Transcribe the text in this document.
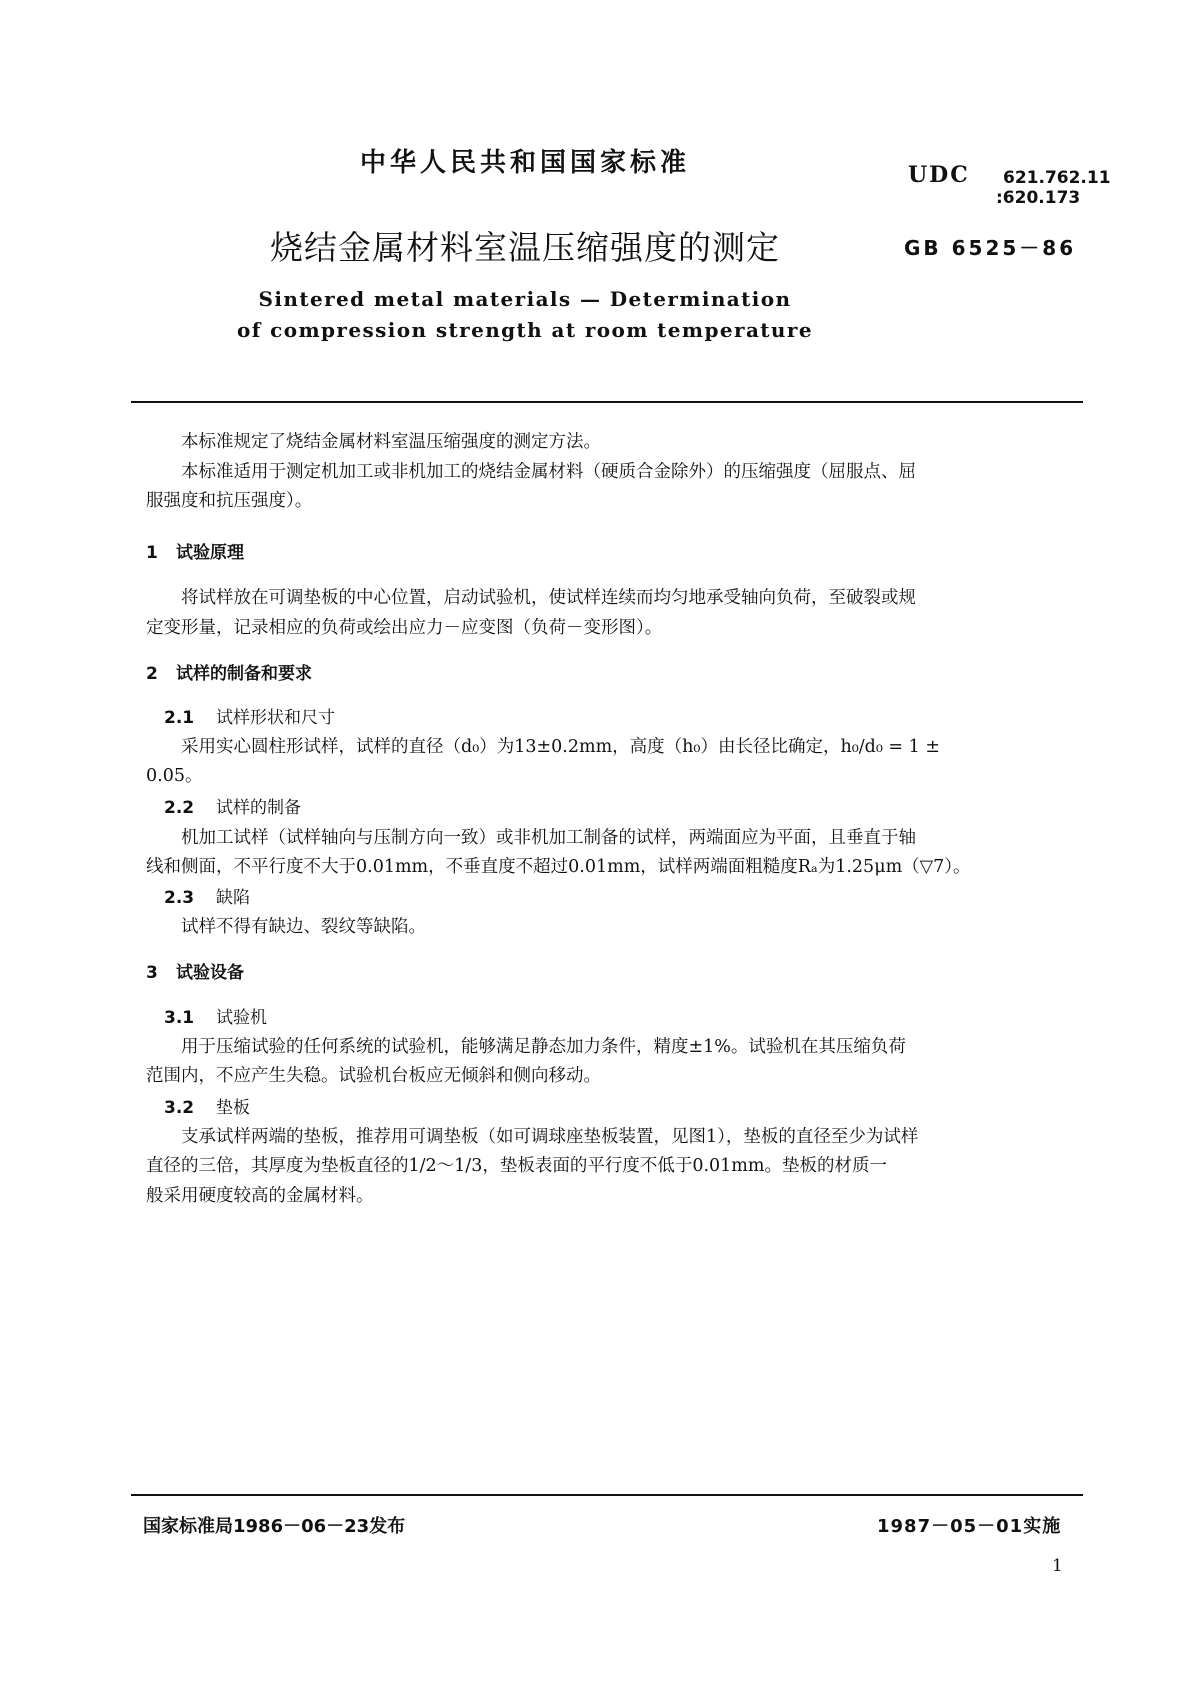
中华人民共和国国家标准	UDC 621.762.11
:620.173
烧结金属材料室温压缩强度的测定	GB 6525－86
Sintered metal materials — Determination
of compression strength at room temperature
本标准规定了烧结金属材料室温压缩强度的测定方法。
本标准适用于测定机加工或非机加工的烧结金属材料（硬质合金除外）的压缩强度（屈服点、屈
服强度和抗压强度）。
1 试验原理
将试样放在可调垫板的中心位置，启动试验机，使试样连续而均匀地承受轴向负荷，至破裂或规
定变形量，记录相应的负荷或绘出应力－应变图（负荷－变形图）。
2 试样的制备和要求
2.1 试样形状和尺寸
采用实心圆柱形试样，试样的直径（d₀）为13±0.2mm，高度（h₀）由长径比确定，h₀/d₀ = 1 ±
0.05。
2.2 试样的制备
机加工试样（试样轴向与压制方向一致）或非机加工制备的试样，两端面应为平面，且垂直于轴
线和侧面，不平行度不大于0.01mm，不垂直度不超过0.01mm，试样两端面粗糙度Rₐ为1.25μm（▽7）。
2.3 缺陷
试样不得有缺边、裂纹等缺陷。
3 试验设备
3.1 试验机
用于压缩试验的任何系统的试验机，能够满足静态加力条件，精度±1%。试验机在其压缩负荷
范围内，不应产生失稳。试验机台板应无倾斜和侧向移动。
3.2 垫板
支承试样两端的垫板，推荐用可调垫板（如可调球座垫板装置，见图1），垫板的直径至少为试样
直径的三倍，其厚度为垫板直径的1/2～1/3，垫板表面的平行度不低于0.01mm。垫板的材质一
般采用硬度较高的金属材料。
国家标准局1986－06－23发布	1987－05－01实施
1
